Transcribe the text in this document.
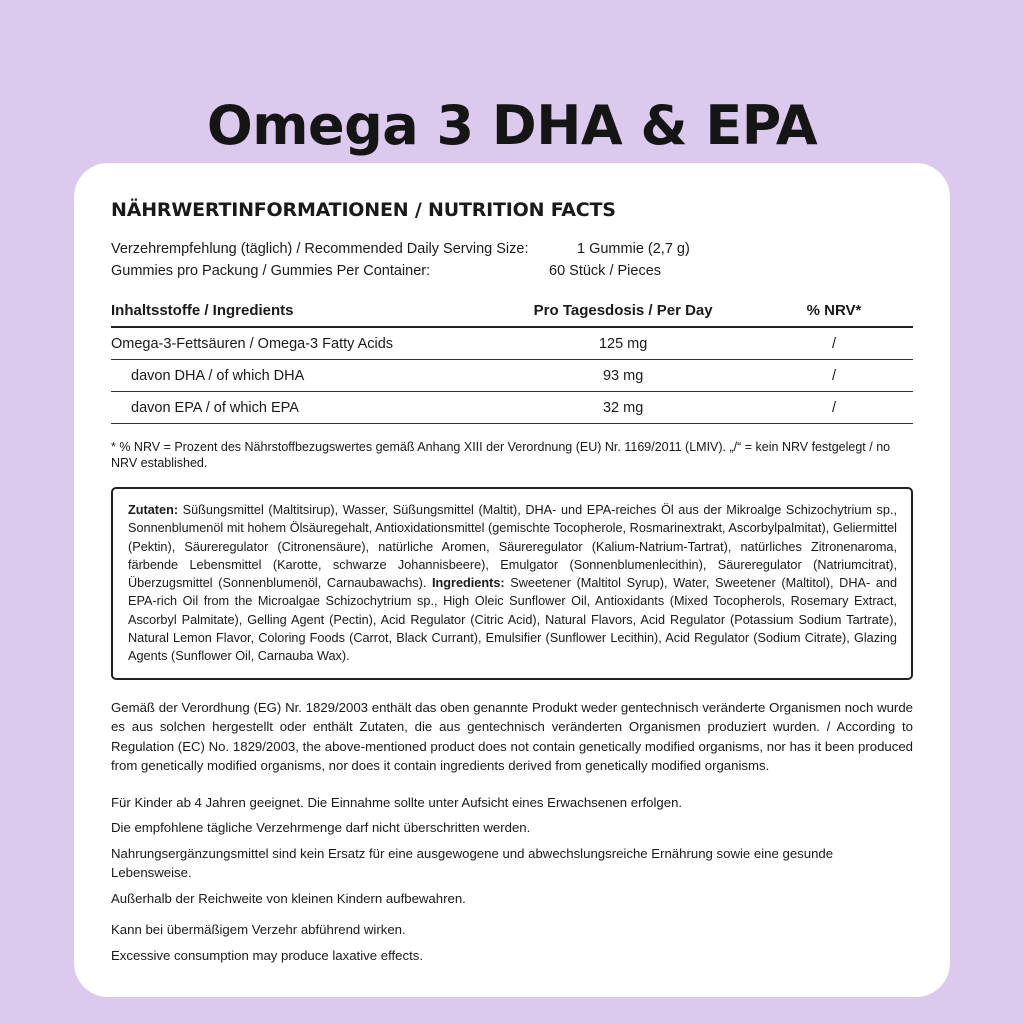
Omega 3 DHA & EPA
NÄHRWERTINFORMATIONEN / NUTRITION FACTS
Verzehrempfehlung (täglich) / Recommended Daily Serving Size:	1 Gummie (2,7 g)
Gummies pro Packung / Gummies Per Container:	60 Stück / Pieces
Inhaltsstoffe / Ingredients	Pro Tagesdosis / Per Day	% NRV*
Omega-3-Fettsäuren / Omega-3 Fatty Acids	125 mg	/
davon DHA / of which DHA	93 mg	/
davon EPA / of which EPA	32 mg	/
* % NRV = Prozent des Nährstoffbezugswertes gemäß Anhang XIII der Verordnung (EU) Nr. 1169/2011 (LMIV). „/“ = kein NRV festgelegt / no NRV established.
Zutaten: Süßungsmittel (Maltitsirup), Wasser, Süßungsmittel (Maltit), DHA- und EPA-reiches Öl aus der Mikroalge Schizochytrium sp., Sonnenblumenöl mit hohem Ölsäuregehalt, Antioxidationsmittel (gemischte Tocopherole, Rosmarinextrakt, Ascorbylpalmitat), Geliermittel (Pektin), Säureregulator (Citronensäure), natürliche Aromen, Säureregulator (Kalium-Natrium-Tartrat), natürliches Zitronenaroma, färbende Lebensmittel (Karotte, schwarze Johannisbeere), Emulgator (Sonnenblumenlecithin), Säureregulator (Natriumcitrat), Überzugsmittel (Sonnenblumenöl, Carnaubawachs). Ingredients: Sweetener (Maltitol Syrup), Water, Sweetener (Maltitol), DHA- and EPA-rich Oil from the Microalgae Schizochytrium sp., High Oleic Sunflower Oil, Antioxidants (Mixed Tocopherols, Rosemary Extract, Ascorbyl Palmitate), Gelling Agent (Pectin), Acid Regulator (Citric Acid), Natural Flavors, Acid Regulator (Potassium Sodium Tartrate), Natural Lemon Flavor, Coloring Foods (Carrot, Black Currant), Emulsifier (Sunflower Lecithin), Acid Regulator (Sodium Citrate), Glazing Agents (Sunflower Oil, Carnauba Wax).
Gemäß der Verordhung (EG) Nr. 1829/2003 enthält das oben genannte Produkt weder gentechnisch veränderte Organismen noch wurde es aus solchen hergestellt oder enthält Zutaten, die aus gentechnisch veränderten Organismen produziert wurden. / According to Regulation (EC) No. 1829/2003, the above-mentioned product does not contain genetically modified organisms, nor has it been produced from genetically modified organisms, nor does it contain ingredients derived from genetically modified organisms.

Für Kinder ab 4 Jahren geeignet. Die Einnahme sollte unter Aufsicht eines Erwachsenen erfolgen.

Die empfohlene tägliche Verzehrmenge darf nicht überschritten werden.

Nahrungsergänzungsmittel sind kein Ersatz für eine ausgewogene und abwechslungsreiche Ernährung sowie eine gesunde Lebensweise.

Außerhalb der Reichweite von kleinen Kindern aufbewahren.

Kann bei übermäßigem Verzehr abführend wirken.

Excessive consumption may produce laxative effects.
